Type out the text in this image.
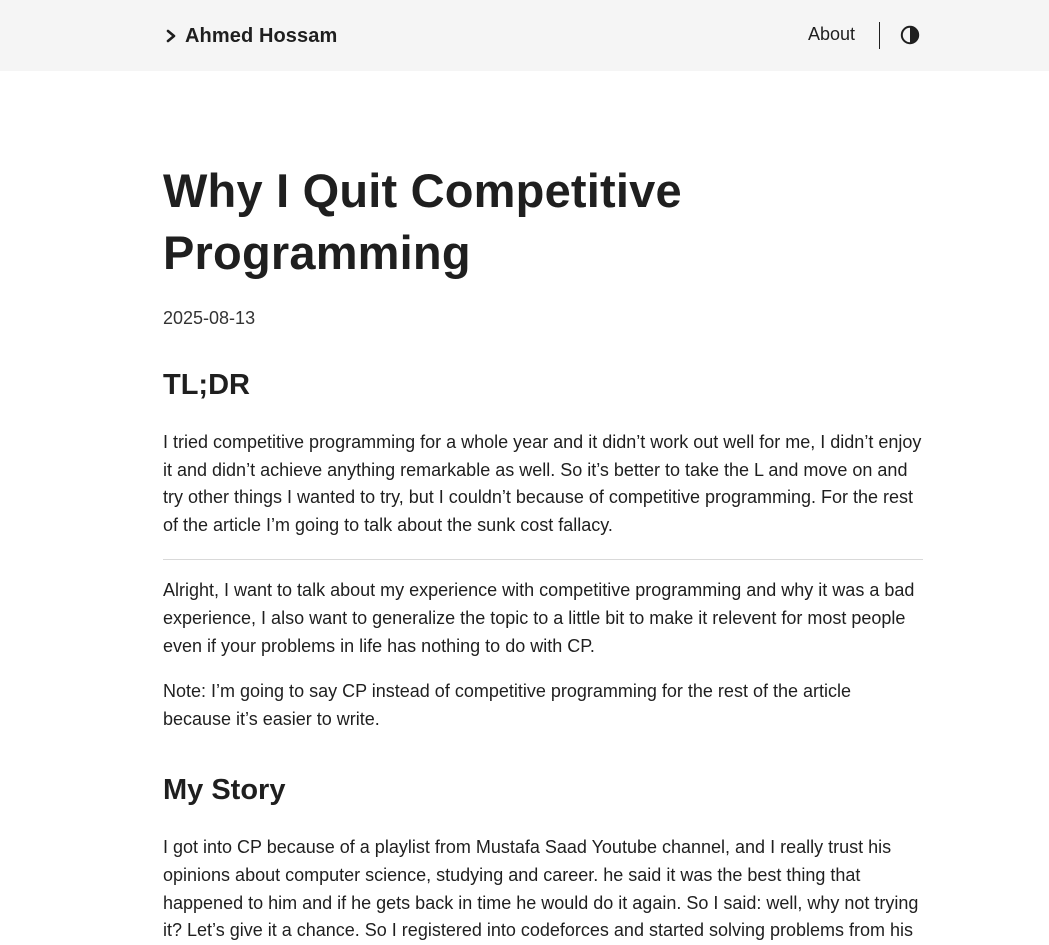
Ahmed Hossam	About
Why I Quit Competitive Programming
2025-08-13
TL;DR

I tried competitive programming for a whole year and it didn’t work out well for me, I didn’t enjoy it and didn’t achieve anything remarkable as well. So it’s better to take the L and move on and try other things I wanted to try, but I couldn’t because of competitive programming. For the rest of the article I’m going to talk about the sunk cost fallacy.

Alright, I want to talk about my experience with competitive programming and why it was a bad experience, I also want to generalize the topic to a little bit to make it relevent for most people even if your problems in life has nothing to do with CP.

Note: I’m going to say CP instead of competitive programming for the rest of the article because it’s easier to write.

My Story

I got into CP because of a playlist from Mustafa Saad Youtube channel, and I really trust his opinions about computer science, studying and career. he said it was the best thing that happened to him and if he gets back in time he would do it again. So I said: well, why not trying it? Let’s give it a chance. So I registered into codeforces and started solving problems from his
